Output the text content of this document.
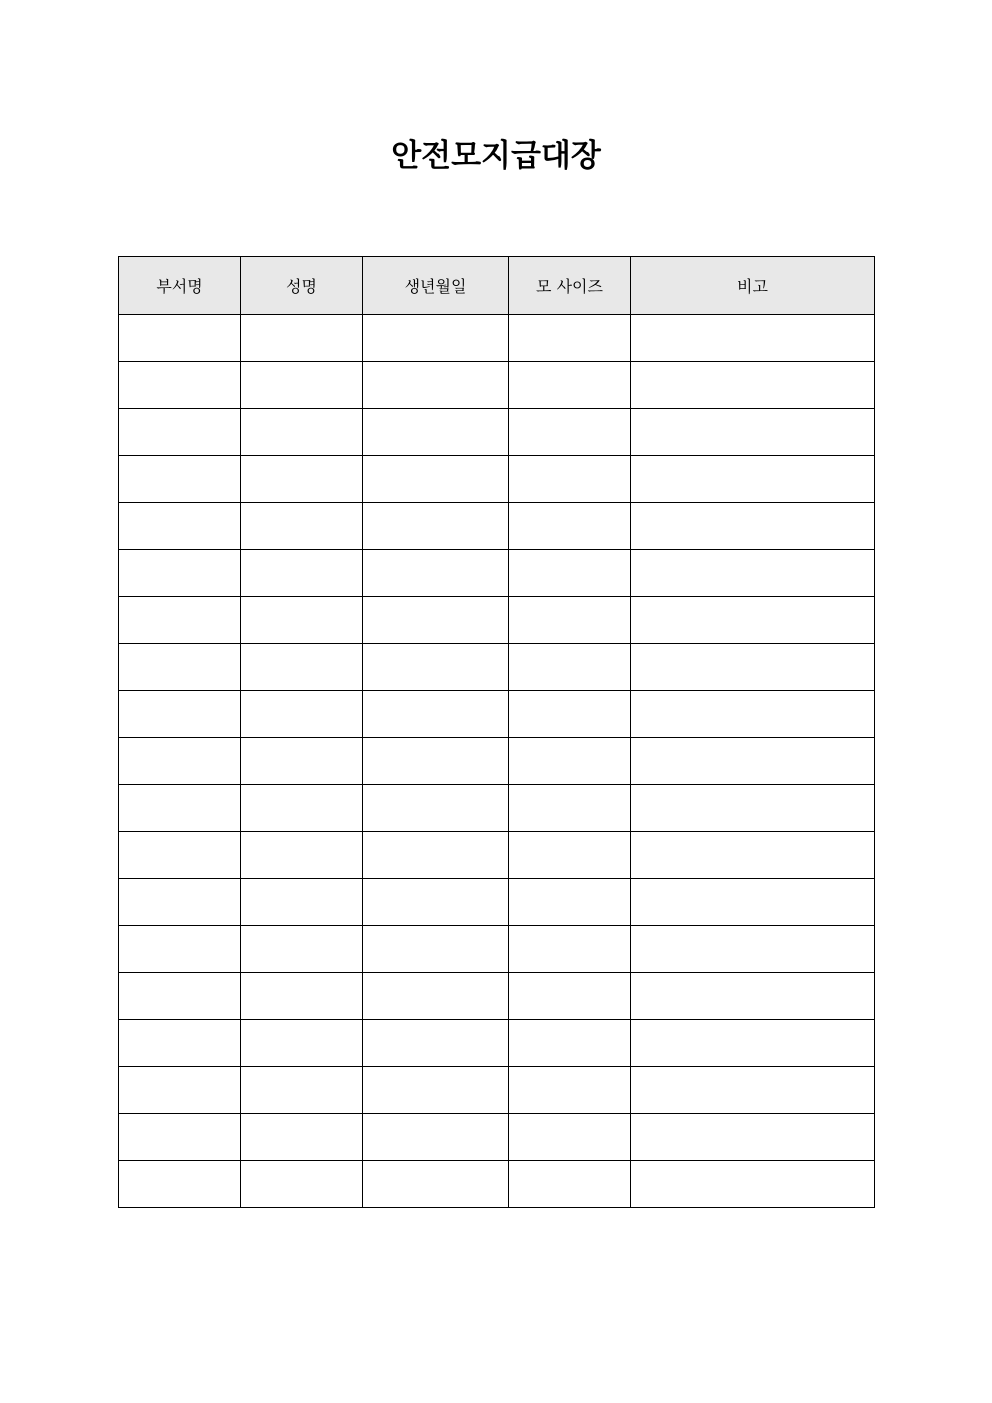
안전모지급대장
부서명	성명	생년월일	모 사이즈	비고
